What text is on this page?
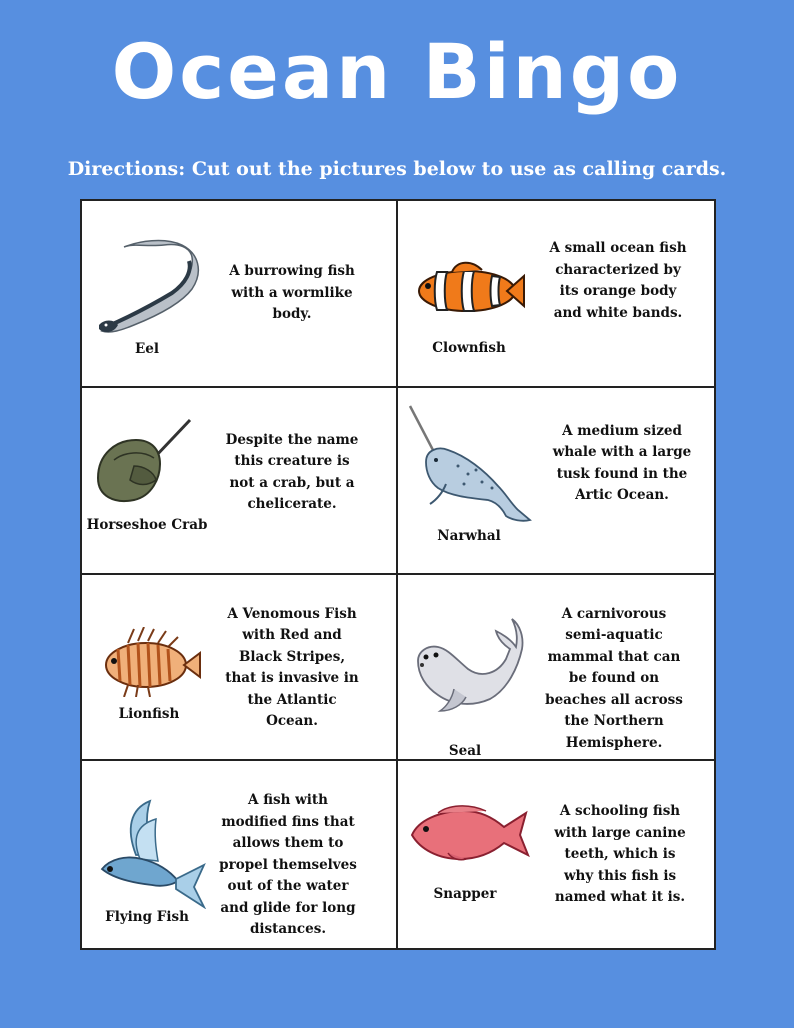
Ocean Bingo
Directions: Cut out the pictures below to use as calling cards.
Eel
A burrowing fish with a wormlike body.
Clownfish
A small ocean fish characterized by its orange body and white bands.
Horseshoe Crab
Despite the name this creature is not a crab, but a chelicerate.
Narwhal
A medium sized whale with a large tusk found in the Artic Ocean.
Lionfish
A Venomous Fish with Red and Black Stripes, that is invasive in the Atlantic Ocean.
Seal
A carnivorous semi-aquatic mammal that can be found on beaches all across the Northern Hemisphere.
Flying Fish
A fish with modified fins that allows them to propel themselves out of the water and glide for long distances.
Snapper
A schooling fish with large canine teeth, which is why this fish is named what it is.
